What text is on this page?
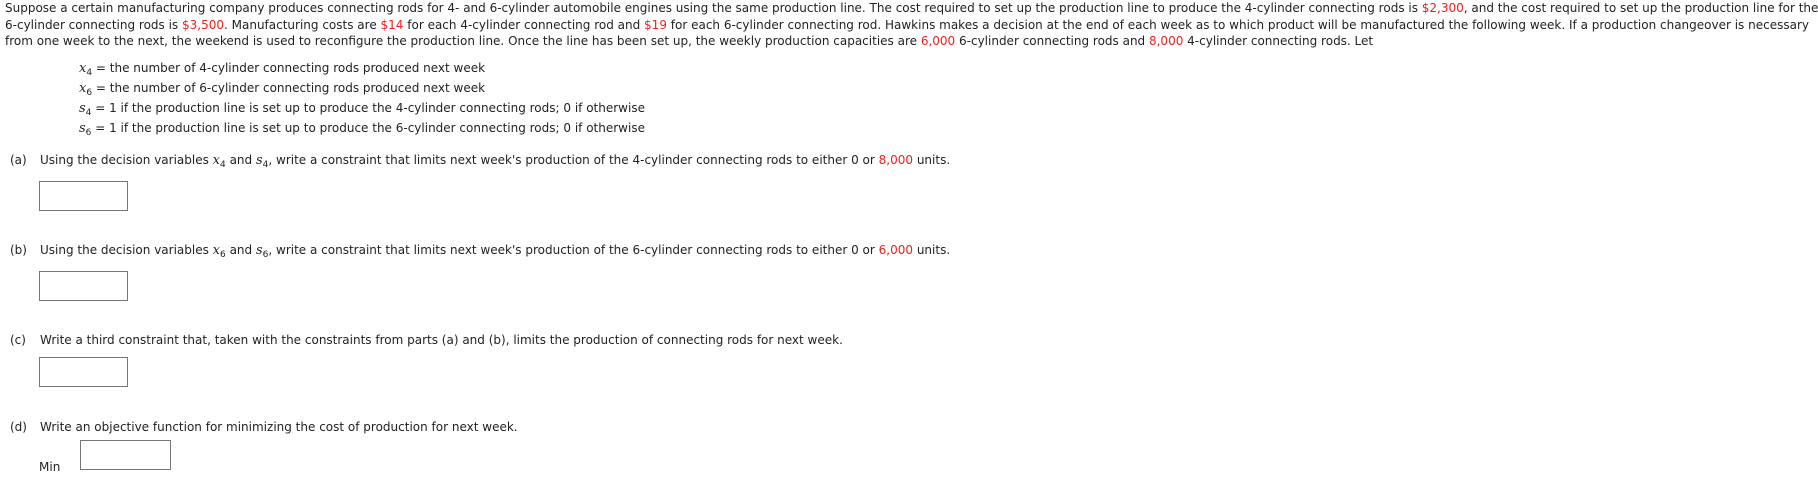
Suppose a certain manufacturing company produces connecting rods for 4- and 6-cylinder automobile engines using the same production line. The cost required to set up the production line to produce the 4-cylinder connecting rods is $2,300, and the cost required to set up the production line for the
6-cylinder connecting rods is $3,500. Manufacturing costs are $14 for each 4-cylinder connecting rod and $19 for each 6-cylinder connecting rod. Hawkins makes a decision at the end of each week as to which product will be manufactured the following week. If a production changeover is necessary
from one week to the next, the weekend is used to reconfigure the production line. Once the line has been set up, the weekly production capacities are 6,000 6-cylinder connecting rods and 8,000 4-cylinder connecting rods. Let
$x_4$ = the number of 4-cylinder connecting rods produced next week
$x_6$ = the number of 6-cylinder connecting rods produced next week
$s_4 = 1$ if the production line is set up to produce the 4-cylinder connecting rods; 0 if otherwise
$s_6 = 1$ if the production line is set up to produce the 6-cylinder connecting rods; 0 if otherwise
(a) Using the decision variables $x_4$ and $s_4$, write a constraint that limits next week's production of the 4-cylinder connecting rods to either 0 or 8,000 units.
(b) Using the decision variables $x_6$ and $s_6$, write a constraint that limits next week's production of the 6-cylinder connecting rods to either 0 or 6,000 units.
(c) Write a third constraint that, taken with the constraints from parts (a) and (b), limits the production of connecting rods for next week.
(d) Write an objective function for minimizing the cost of production for next week.
Min
